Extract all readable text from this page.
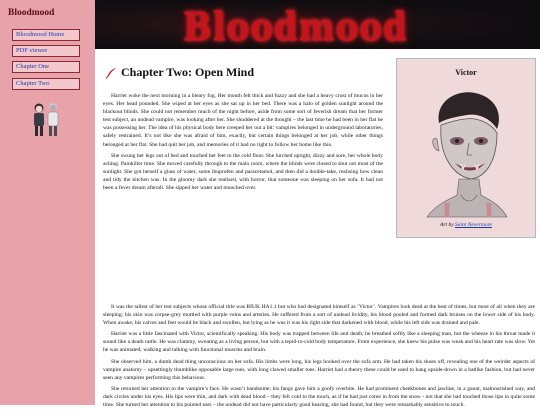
Bloodmood
Bloodmood Home
PDF viewer
Chapter One
Chapter Two
Bloodmood
Chapter Two: Open Mind

Harriet woke the next morning in a bleary fog. Her mouth felt thick and fuzzy and she had a heavy crust of mucus in her eyes. Her head pounded. She wiped at her eyes as she sat up in her bed. There was a halo of golden sunlight around the blackout blinds. She could not remember much of the night before, aside from some sort of feverish dream that her former test subject, an undead vampire, was looking after her. She shuddered at the thought – the last time he had been in her flat he was possessing her. The idea of his physical body here creeped her out a bit: vampires belonged in underground laboratories, safely restrained. It’s not like she was afraid of him, exactly, but certain things belonged at her job, while other things belonged at her flat. She had quit her job, and memories of it had no right to follow her home like this.

She swung her legs out of bed and touched her feet to the cold floor. She lurched upright, dizzy and sore, her whole body aching. Painkiller time. She moved carefully through to the main room, where the blinds were closed to shut out most of the sunlight. She got herself a glass of water, some ibuprofen and paracetamol, and then did a double-take, realising how clean and tidy the kitchen was. In the gloomy dark she realised, with horror, that someone was sleeping on her sofa. It had not been a fever dream afterall. She sipped her water and mooched over.

Victor
Art by Saint Nevermore

It was the tallest of her test subjects whose official title was BIUK HA1.1 but who had designated himself as ‘Victor’. Vampires look dead at the best of times, but most of all when they are sleeping; his skin was corpse-grey mottled with purple veins and arteries. He suffered from a sort of undead lividity, his blood pooled and formed dark bruises on the lower side of his body. When awake, his calves and feet would be black and swollen, but lying as he was it was his right side that darkened with blood, while his left side was drained and pale.

Harriet was a little fascinated with Victor, scientifically speaking. His body was trapped between life and death; he breathed softly like a sleeping man, but the wheeze in his throat made it sound like a death rattle. He was clammy, sweating as a living person, but with a tepid-to-cold body temperature. From experience, she knew his pulse was weak and his heart rate was slow. Yet he was animated; walking and talking with functional muscles and brain.

She observed him, a dumb dead thing unconscious on her sofa. His limbs were long, his legs hooked over the sofa arm. He had taken his shoes off, revealing one of the weirder aspects of vampire anatomy – upsettingly thumblike opposable large toes, with long clawed smaller toes. Harriet had a theory these could be used to hang upside-down in a batlike fashion, but had never seen any vampires performing this behaviour.

She returned her attention to the vampire’s face. He wasn’t handsome; his fangs gave him a goofy overbite. He had prominent cheekbones and jawline, in a gaunt, malnourished way, and dark circles under his eyes. His lips were thin, and dark with dead blood – they felt cold to the touch, as if he had just come in from the snow - not that she had touched those lips in quite some time. She turned her attention to his pointed ears – the undead did not have particularly good hearing, she had found, but they were remarkably sensitive to touch.
